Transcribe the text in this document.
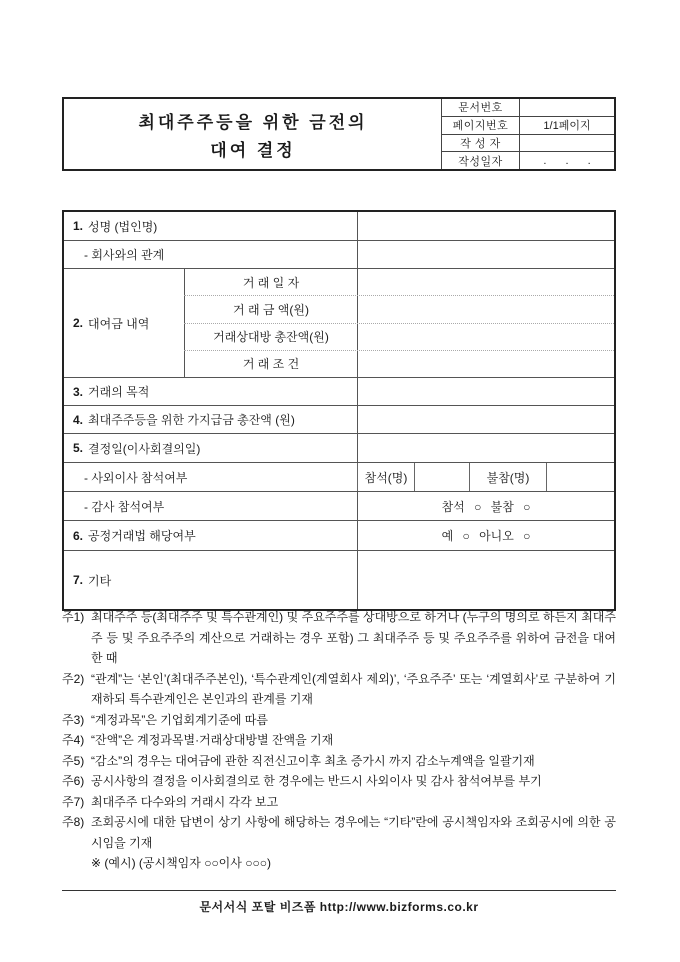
최대주주등을 위한 금전의
대여 결정
문서번호
페이지번호	1/1페이지
작 성 자
작성일자	. . .
1. 성명 (법인명)
- 회사와의 관계
2. 대여금 내역
거 래 일 자
거 래 금 액(원)
거래상대방 총잔액(원)
거 래 조 건
3. 거래의 목적
4. 최대주주등을 위한 가지급금 총잔액 (원)
5. 결정일(이사회결의일)
- 사외이사 참석여부	참석(명)	불참(명)
- 감사 참석여부	참석 ○ 불참 ○
6. 공정거래법 해당여부	예 ○ 아니오 ○
7. 기타
주1) 최대주주 등(최대주주 및 특수관계인) 및 주요주주를 상대방으로 하거나 (누구의 명의로 하든지 최대주주 등 및 주요주주의 계산으로 거래하는 경우 포함) 그 최대주주 등 및 주요주주를 위하여 금전을 대여한 때
주2) “관계”는 ‘본인’(최대주주본인), ‘특수관계인(계열회사 제외)’, ‘주요주주’ 또는 ‘계열회사’로 구분하여 기재하되 특수관계인은 본인과의 관계를 기재
주3) “계정과목”은 기업회계기준에 따름
주4) “잔액”은 계정과목별·거래상대방별 잔액을 기재
주5) “감소”의 경우는 대여금에 관한 직전신고이후 최초 증가시 까지 감소누계액을 일괄기재
주6) 공시사항의 결정을 이사회결의로 한 경우에는 반드시 사외이사 및 감사 참석여부를 부기
주7) 최대주주 다수와의 거래시 각각 보고
주8) 조회공시에 대한 답변이 상기 사항에 해당하는 경우에는 “기타”란에 공시책임자와 조회공시에 의한 공시임을 기재
※ (예시) (공시책임자 ○○이사 ○○○)
문서서식 포탈 비즈폼 http://www.bizforms.co.kr
